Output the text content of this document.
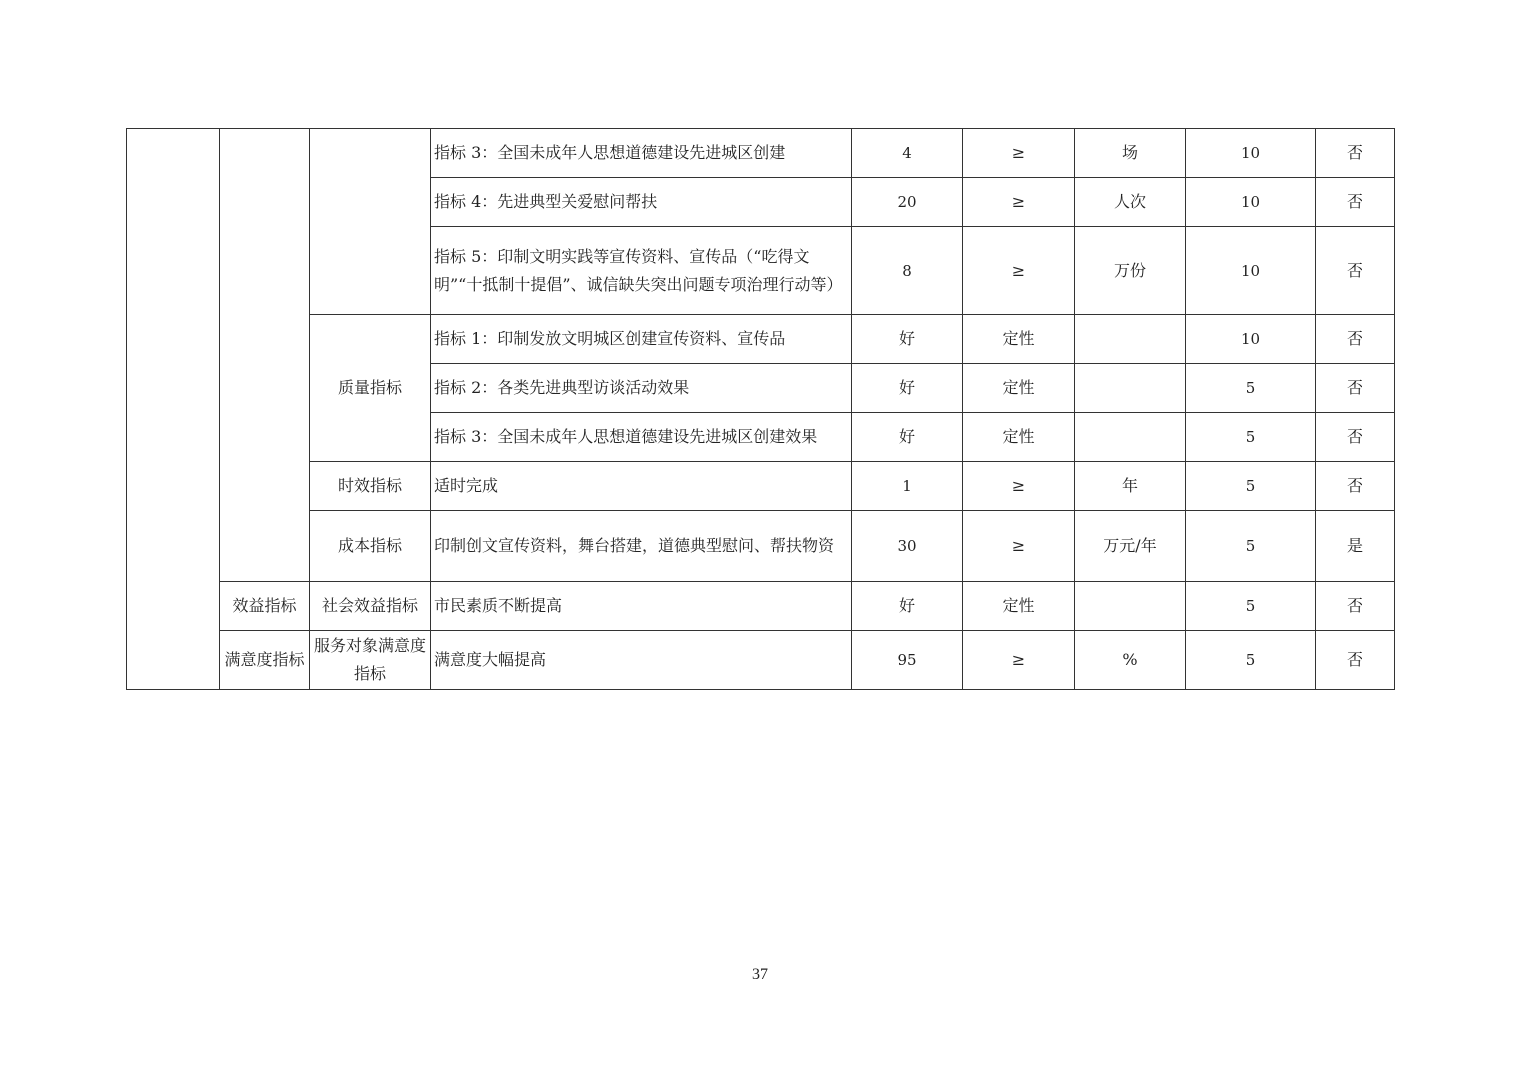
			指标 3：全国未成年人思想道德建设先进城区创建	4	≥	场	10	否
			指标 4：先进典型关爱慰问帮扶	20	≥	人次	10	否
			指标 5：印制文明实践等宣传资料、宣传品（“吃得文明”“十抵制十提倡”、诚信缺失突出问题专项治理行动等）	8	≥	万份	10	否
		质量指标	指标 1：印制发放文明城区创建宣传资料、宣传品	好	定性		10	否
			指标 2：各类先进典型访谈活动效果	好	定性		5	否
			指标 3：全国未成年人思想道德建设先进城区创建效果	好	定性		5	否
		时效指标	适时完成	1	≥	年	5	否
		成本指标	印制创文宣传资料，舞台搭建，道德典型慰问、帮扶物资	30	≥	万元/年	5	是
	效益指标	社会效益指标	市民素质不断提高	好	定性		5	否
	满意度指标	服务对象满意度指标	满意度大幅提高	95	≥	%	5	否
37
